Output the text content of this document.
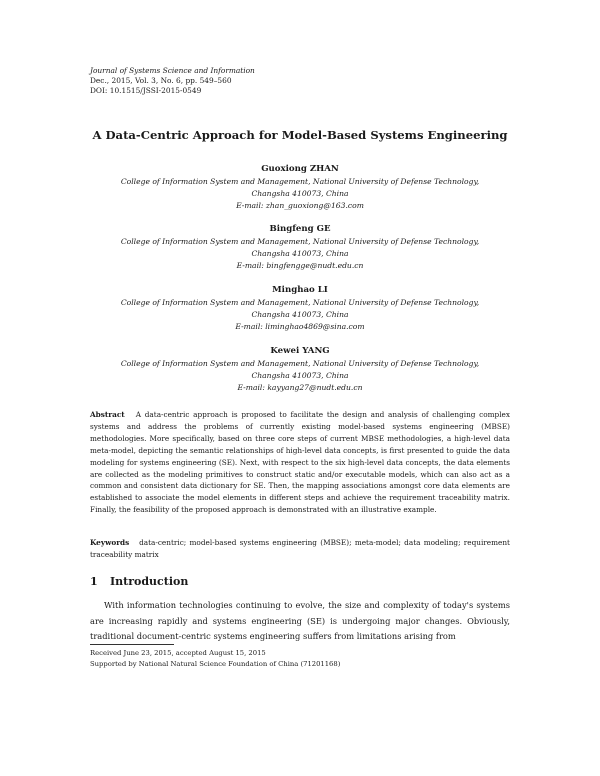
Journal of Systems Science and Information
Dec., 2015, Vol. 3, No. 6, pp. 549–560
DOI: 10.1515/JSSI-2015-0549
A Data-Centric Approach for Model-Based Systems Engineering
Guoxiong ZHAN
College of Information System and Management, National University of Defense Technology,
Changsha 410073, China
E-mail: zhan_guoxiong@163.com
Bingfeng GE
College of Information System and Management, National University of Defense Technology,
Changsha 410073, China
E-mail: bingfengge@nudt.edu.cn
Minghao LI
College of Information System and Management, National University of Defense Technology,
Changsha 410073, China
E-mail: liminghao4869@sina.com
Kewei YANG
College of Information System and Management, National University of Defense Technology,
Changsha 410073, China
E-mail: kayyang27@nudt.edu.cn
Abstract A data-centric approach is proposed to facilitate the design and analysis of challenging complex systems and address the problems of currently existing model-based systems engineering (MBSE) methodologies. More specifically, based on three core steps of current MBSE methodologies, a high-level data meta-model, depicting the semantic relationships of high-level data concepts, is first presented to guide the data modeling for systems engineering (SE). Next, with respect to the six high-level data concepts, the data elements are collected as the modeling primitives to construct static and/or executable models, which can also act as a common and consistent data dictionary for SE. Then, the mapping associations amongst core data elements are established to associate the model elements in different steps and achieve the requirement traceability matrix. Finally, the feasibility of the proposed approach is demonstrated with an illustrative example.
Keywords data-centric; model-based systems engineering (MBSE); meta-model; data modeling; requirement traceability matrix
1 Introduction
With information technologies continuing to evolve, the size and complexity of today's systems are increasing rapidly and systems engineering (SE) is undergoing major changes. Obviously, traditional document-centric systems engineering suffers from limitations arising from
Received June 23, 2015, accepted August 15, 2015
Supported by National Natural Science Foundation of China (71201168)
